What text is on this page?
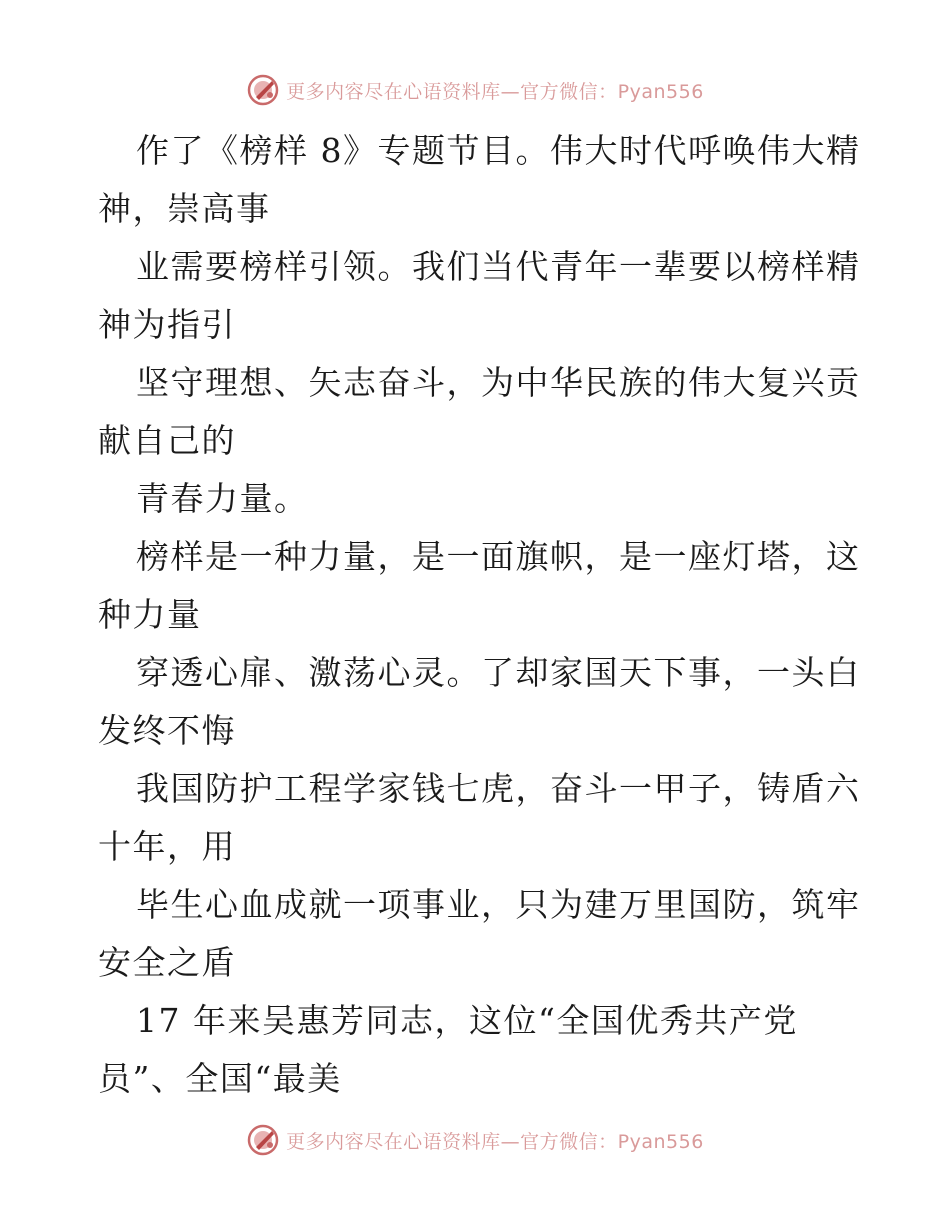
更多内容尽在心语资料库—官方微信：Pyan556
作了《榜样 8》专题节目。伟大时代呼唤伟大精
神，崇高事
业需要榜样引领。我们当代青年一辈要以榜样精
神为指引
坚守理想、矢志奋斗，为中华民族的伟大复兴贡
献自己的
青春力量。
榜样是一种力量，是一面旗帜，是一座灯塔，这
种力量
穿透心扉、激荡心灵。了却家国天下事，一头白
发终不悔
我国防护工程学家钱七虎，奋斗一甲子，铸盾六
十年，用
毕生心血成就一项事业，只为建万里国防，筑牢
安全之盾
17 年来吴惠芳同志，这位“全国优秀共产党
员”、全国“最美
更多内容尽在心语资料库—官方微信：Pyan556
